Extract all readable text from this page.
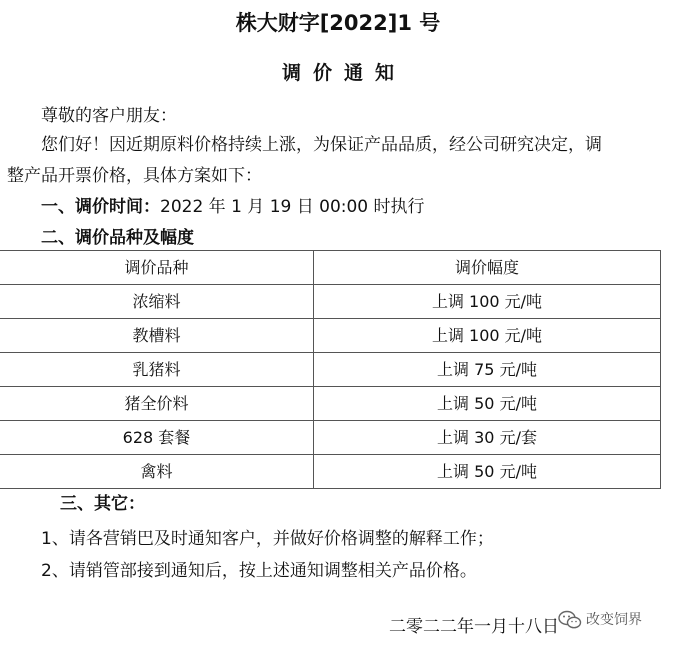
株大财字[2022]1 号
调价通知
尊敬的客户朋友：
您们好！因近期原料价格持续上涨，为保证产品品质，经公司研究决定，调
整产品开票价格，具体方案如下：
一、调价时间：2022 年 1 月 19 日 00:00 时执行
二、调价品种及幅度
调价品种	调价幅度
浓缩料	上调 100 元/吨
教槽料	上调 100 元/吨
乳猪料	上调 75 元/吨
猪全价料	上调 50 元/吨
628 套餐	上调 30 元/套
禽料	上调 50 元/吨
三、其它：
1、请各营销巴及时通知客户，并做好价格调整的解释工作；
2、请销管部接到通知后，按上述通知调整相关产品价格。
二零二二年一月十八日 改变饲界
